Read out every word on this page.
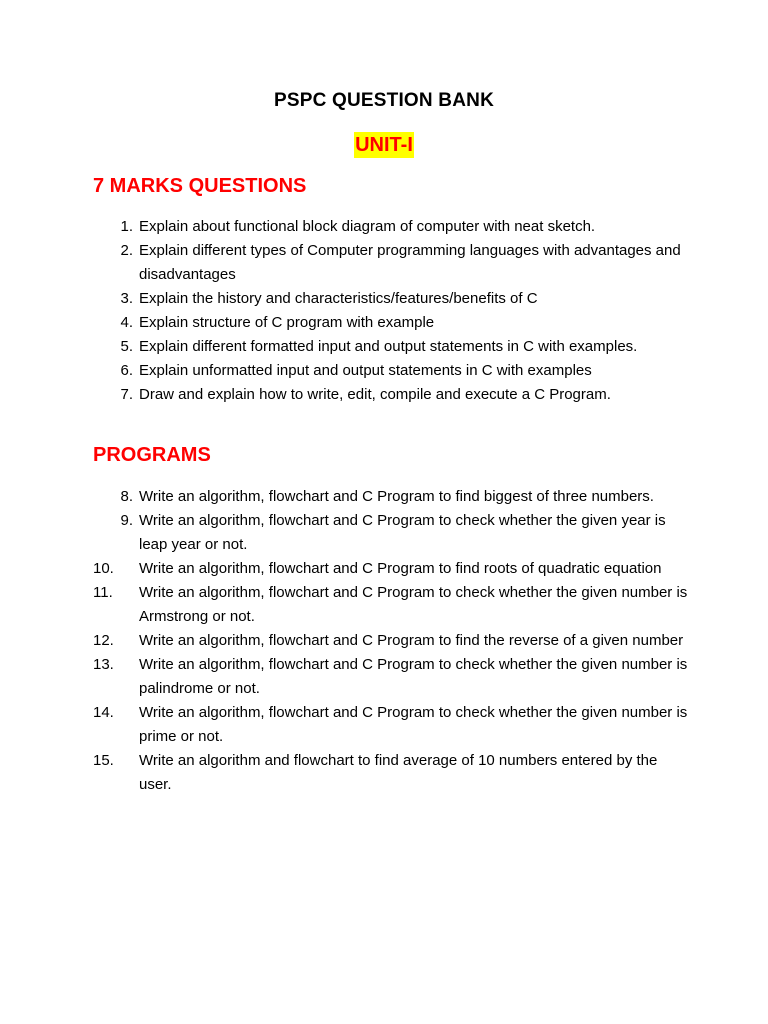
PSPC QUESTION BANK
UNIT-I
7 MARKS QUESTIONS
1. Explain about functional block diagram of computer with neat sketch.
2. Explain different types of Computer programming languages with advantages and disadvantages
3. Explain the history and characteristics/features/benefits of C
4. Explain structure of C program with example
5. Explain different formatted input and output statements in C with examples.
6. Explain unformatted input and output statements in C with examples
7. Draw and explain how to write, edit, compile and execute a C Program.
PROGRAMS
8. Write an algorithm, flowchart and C Program to find biggest of three numbers.
9. Write an algorithm, flowchart and C Program to check whether the given year is leap year or not.
10.	Write an algorithm, flowchart and C Program to find roots of quadratic equation
11.	Write an algorithm, flowchart and C Program to check whether the given number is Armstrong or not.
12.	Write an algorithm, flowchart and C Program to find the reverse of a given number
13.	Write an algorithm, flowchart and C Program to check whether the given number is palindrome or not.
14.	Write an algorithm, flowchart and C Program to check whether the given number is prime or not.
15.	Write an algorithm and flowchart to find average of 10 numbers entered by the user.
